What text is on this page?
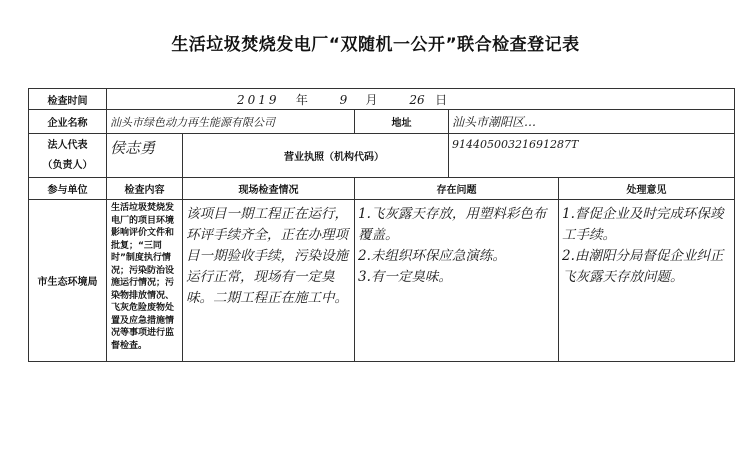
生活垃圾焚烧发电厂“双随机一公开”联合检查登记表
检查时间	2019 年 9 月 26 日				
企业名称	汕头市绿色动力再生能源有限公司		地址	汕头市潮阳区…	

法人代表
（负责人）	侯志勇	营业执照（机构代码）		91440500321691287T	
参与单位	检查内容	现场检查情况	存在问题		处理意见
市生态环境局	生活垃圾焚烧发电厂的项目环境影响评价文件和批复；“三同时”制度执行情况；污染防治设施运行情况；污染物排放情况、飞灰危险废物处置及应急措施情况等事项进行监督检查。	该项目一期工程正在运行，环评手续齐全，正在办理项目一期验收手续，污染设施运行正常，现场有一定臭味。二期工程正在施工中。	1.飞灰露天存放，用塑料彩色布覆盖。
2.未组织环保应急演练。
3.有一定臭味。		1.督促企业及时完成环保竣工手续。
2.由潮阳分局督促企业纠正飞灰露天存放问题。
